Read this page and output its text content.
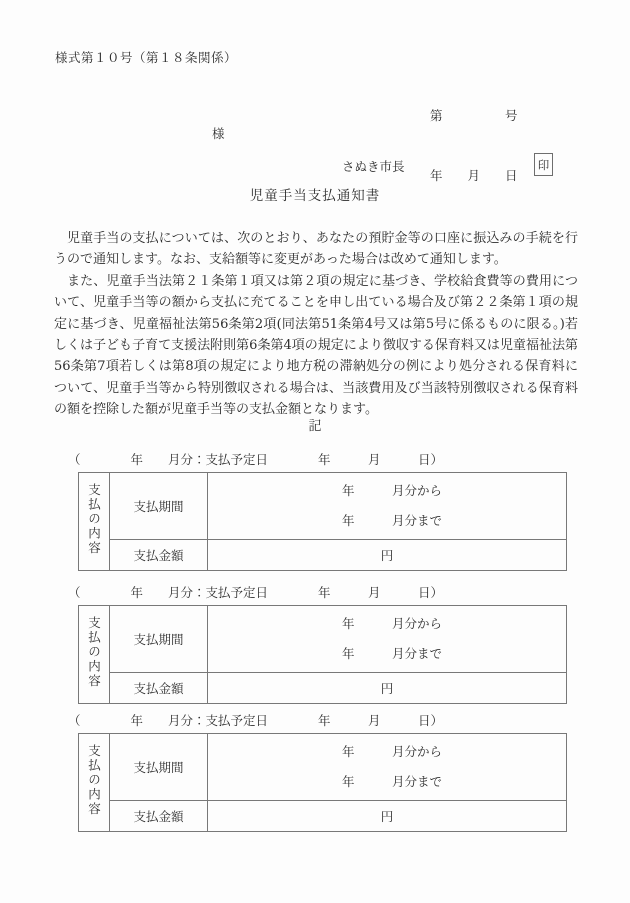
様式第１０号（第１８条関係）

第　　　　　号

年　　月　　日

様
さぬき市長	印
児童手当支払通知書

児童手当の支払については、次のとおり、あなたの預貯金等の口座に振込みの手続を行うので通知します。なお、支給額等に変更があった場合は改めて通知します。

また、児童手当法第２１条第１項又は第２項の規定に基づき、学校給食費等の費用について、児童手当等の額から支払に充てることを申し出ている場合及び第２２条第１項の規定に基づき、児童福祉法第56条第2項(同法第51条第4号又は第5号に係るものに限る。)若しくは子ども子育て支援法附則第6条第4項の規定により徴収する保育料又は児童福祉法第56条第7項若しくは第8項の規定により地方税の滞納処分の例により処分される保育料について、児童手当等から特別徴収される場合は、当該費用及び当該特別徴収される保育料の額を控除した額が児童手当等の支払金額となります。

記
（　　　　年　　月分：支払予定日　　　　年　　　月　　　日）
支払の内容	支払期間	年　　　月分から
年　　　月分まで

	支払金額	円
（　　　　年　　月分：支払予定日　　　　年　　　月　　　日）
支払の内容	支払期間	年　　　月分から
年　　　月分まで

	支払金額	円
（　　　　年　　月分：支払予定日　　　　年　　　月　　　日）
支払の内容	支払期間	年　　　月分から
年　　　月分まで

	支払金額	円
